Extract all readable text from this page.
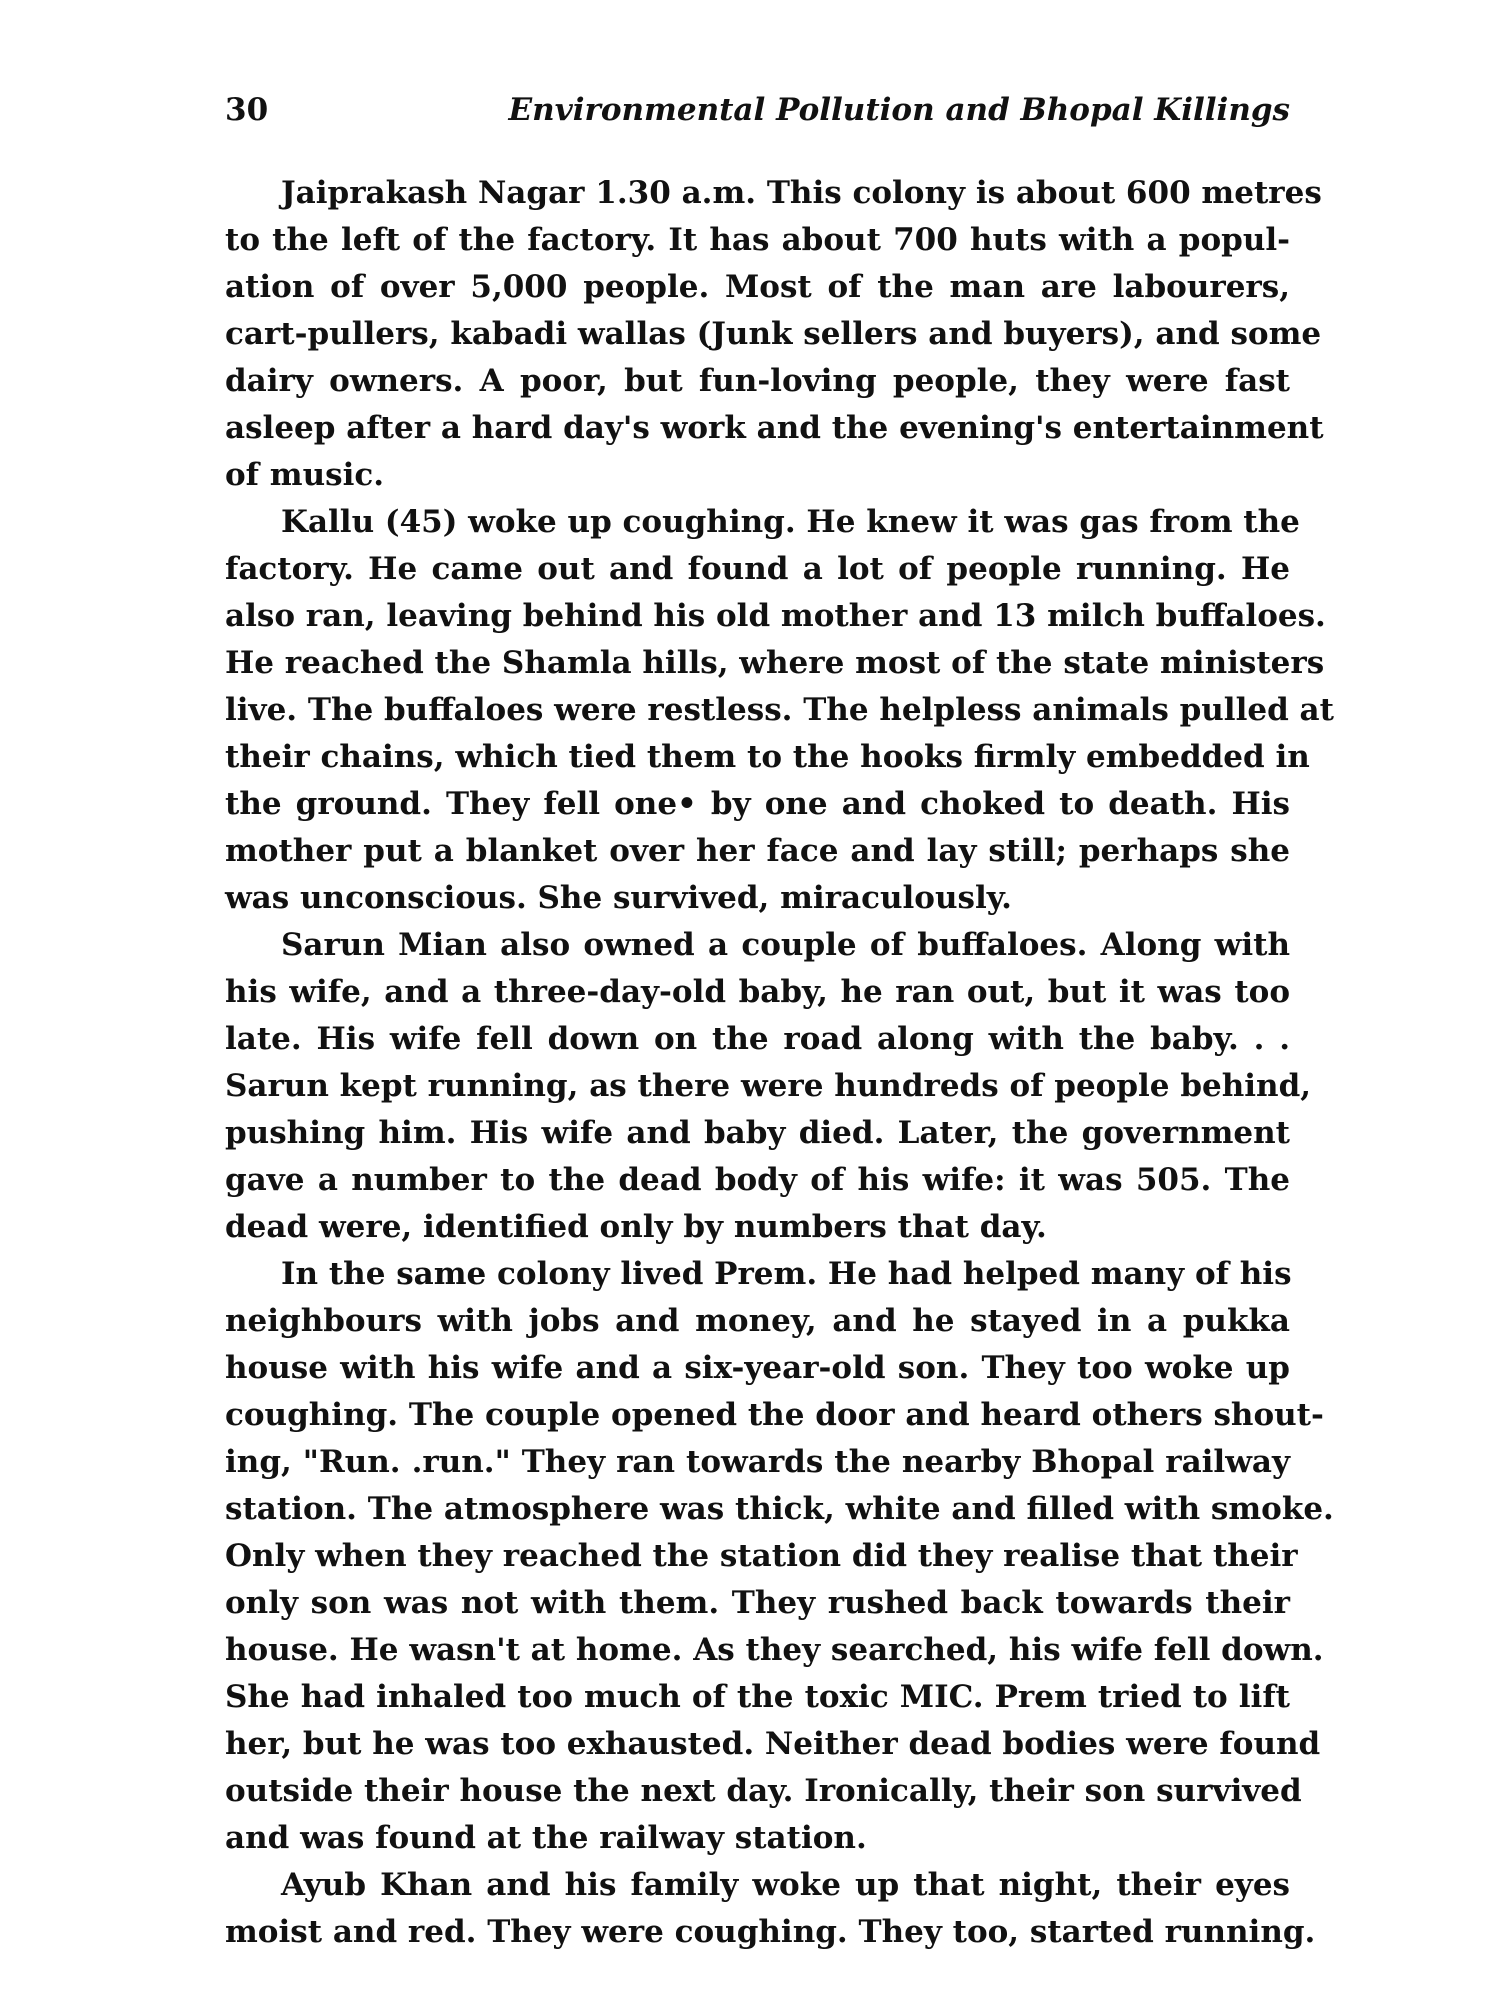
30	Environmental Pollution and Bhopal Killings
Jaiprakash Nagar 1.30 a.m. This colony is about 600 metres
to the left of the factory. It has about 700 huts with a popul-
ation of over 5,000 people. Most of the man are labourers,
cart-pullers, kabadi wallas (Junk sellers and buyers), and some
dairy owners. A poor, but fun-loving people, they were fast
asleep after a hard day's work and the evening's entertainment
of music.
Kallu (45) woke up coughing. He knew it was gas from the
factory. He came out and found a lot of people running. He
also ran, leaving behind his old mother and 13 milch buffaloes.
He reached the Shamla hills, where most of the state ministers
live. The buffaloes were restless. The helpless animals pulled at
their chains, which tied them to the hooks firmly embedded in
the ground. They fell one• by one and choked to death. His
mother put a blanket over her face and lay still; perhaps she
was unconscious. She survived, miraculously.
Sarun Mian also owned a couple of buffaloes. Along with
his wife, and a three-day-old baby, he ran out, but it was too
late. His wife fell down on the road along with the baby. . .
Sarun kept running, as there were hundreds of people behind,
pushing him. His wife and baby died. Later, the government
gave a number to the dead body of his wife: it was 505. The
dead were, identified only by numbers that day.
In the same colony lived Prem. He had helped many of his
neighbours with jobs and money, and he stayed in a pukka
house with his wife and a six-year-old son. They too woke up
coughing. The couple opened the door and heard others shout-
ing, "Run. .run." They ran towards the nearby Bhopal railway
station. The atmosphere was thick, white and filled with smoke.
Only when they reached the station did they realise that their
only son was not with them. They rushed back towards their
house. He wasn't at home. As they searched, his wife fell down.
She had inhaled too much of the toxic MIC. Prem tried to lift
her, but he was too exhausted. Neither dead bodies were found
outside their house the next day. Ironically, their son survived
and was found at the railway station.
Ayub Khan and his family woke up that night, their eyes
moist and red. They were coughing. They too, started running.
